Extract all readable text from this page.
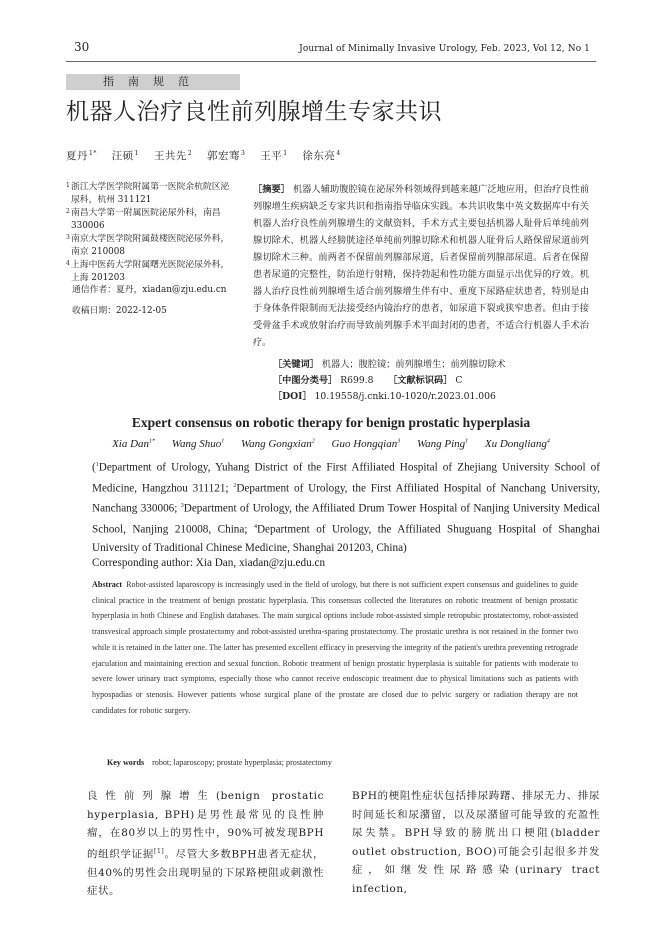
30	Journal of Minimally Invasive Urology, Feb. 2023, Vol 12, No 1
指南规范
机器人治疗良性前列腺增生专家共识
夏丹$^{1*}$ 汪硕$^1$ 王共先$^2$ 郭宏骞$^3$ 王平$^1$ 徐东亮$^4$
1 浙江大学医学院附属第一医院余杭院区泌尿科，杭州 311121
2 南昌大学第一附属医院泌尿外科，南昌 330006
3 南京大学医学院附属鼓楼医院泌尿外科，南京 210008
4 上海中医药大学附属曙光医院泌尿外科，上海 201203
通信作者：夏丹，xiadan@zju.edu.cn
收稿日期：2022-12-05
［摘要］ 机器人辅助腹腔镜在泌尿外科领域得到越来越广泛地应用，但治疗良性前列腺增生疾病缺乏专家共识和指南指导临床实践。本共识收集中英文数据库中有关机器人治疗良性前列腺增生的文献资料，手术方式主要包括机器人耻骨后单纯前列腺切除术、机器人经膀胱途径单纯前列腺切除术和机器人耻骨后人路保留尿道前列腺切除术三种。前两者不保留前列腺部尿道，后者保留前列腺部尿道。后者在保留患者尿道的完整性，防治逆行射精，保持勃起和性功能方面显示出优异的疗效。机器人治疗良性前列腺增生适合前列腺增生伴有中、重度下尿路症状患者，特别是由于身体条件限制而无法接受经内镜治疗的患者，如尿道下裂或狭窄患者。但由于接受骨盆手术或放射治疗而导致前列腺手术平面封闭的患者，不适合行机器人手术治疗。
［关键词］ 机器人；腹腔镜；前列腺增生；前列腺切除术
［中图分类号］ R699.8 ［文献标识码］ C
［DOI］ 10.19558/j.cnki.10-1020/r.2023.01.006
Expert consensus on robotic therapy for benign prostatic hyperplasia
Xia Dan$^{1*}$ Wang Shuo$^1$ Wang Gongxian$^2$ Guo Hongqian$^3$ Wang Ping$^1$ Xu Dongliang$^4$
($^1$Department of Urology, Yuhang District of the First Affiliated Hospital of Zhejiang University School of Medicine, Hangzhou 311121; $^2$Department of Urology, the First Affiliated Hospital of Nanchang University, Nanchang 330006; $^3$Department of Urology, the Affiliated Drum Tower Hospital of Nanjing University Medical School, Nanjing 210008, China; $^4$Department of Urology, the Affiliated Shuguang Hospital of Shanghai University of Traditional Chinese Medicine, Shanghai 201203, China)
Corresponding author: Xia Dan, xiadan@zju.edu.cn
Abstract Robot-assisted laparoscopy is increasingly used in the field of urology, but there is not sufficient expert consensus and guidelines to guide clinical practice in the treatment of benign prostatic hyperplasia. This consensus collected the literatures on robotic treatment of benign prostatic hyperplasia in both Chinese and English databases. The main surgical options include robot-assisted simple retropubic prostatectomy, robot-assisted transvesical approach simple prostatectomy and robot-assisted urethra-sparing prostatectomy. The prostatic urethra is not retained in the former two while it is retained in the latter one. The latter has presented excellent efficacy in preserving the integrity of the patient's urethra preventing retrograde ejaculation and maintaining erection and sexual function. Robotic treatment of benign prostatic hyperplasia is suitable for patients with moderate to severe lower urinary tract symptoms, especially those who cannot receive endoscopic treatment due to physical limitations such as patients with hypospadias or stenosis. However patients whose surgical plane of the prostate are closed due to pelvic surgery or radiation therapy are not candidates for robotic surgery.
Key words robot; laparoscopy; prostate hyperplasia; prostatectomy
良性前列腺增生(benign prostatic hyperplasia, BPH)是男性最常见的良性肿瘤，在80岁以上的男性中，90%可被发现BPH的组织学证据[1]。尽管大多数BPH患者无症状，但40%的男性会出现明显的下尿路梗阻或刺激性症状。
BPH的梗阻性症状包括排尿踌躇、排尿无力、排尿时间延长和尿潴留，以及尿潴留可能导致的充盈性尿失禁。BPH导致的膀胱出口梗阻(bladder outlet obstruction, BOO)可能会引起很多并发症，如继发性尿路感染(urinary tract infection,
